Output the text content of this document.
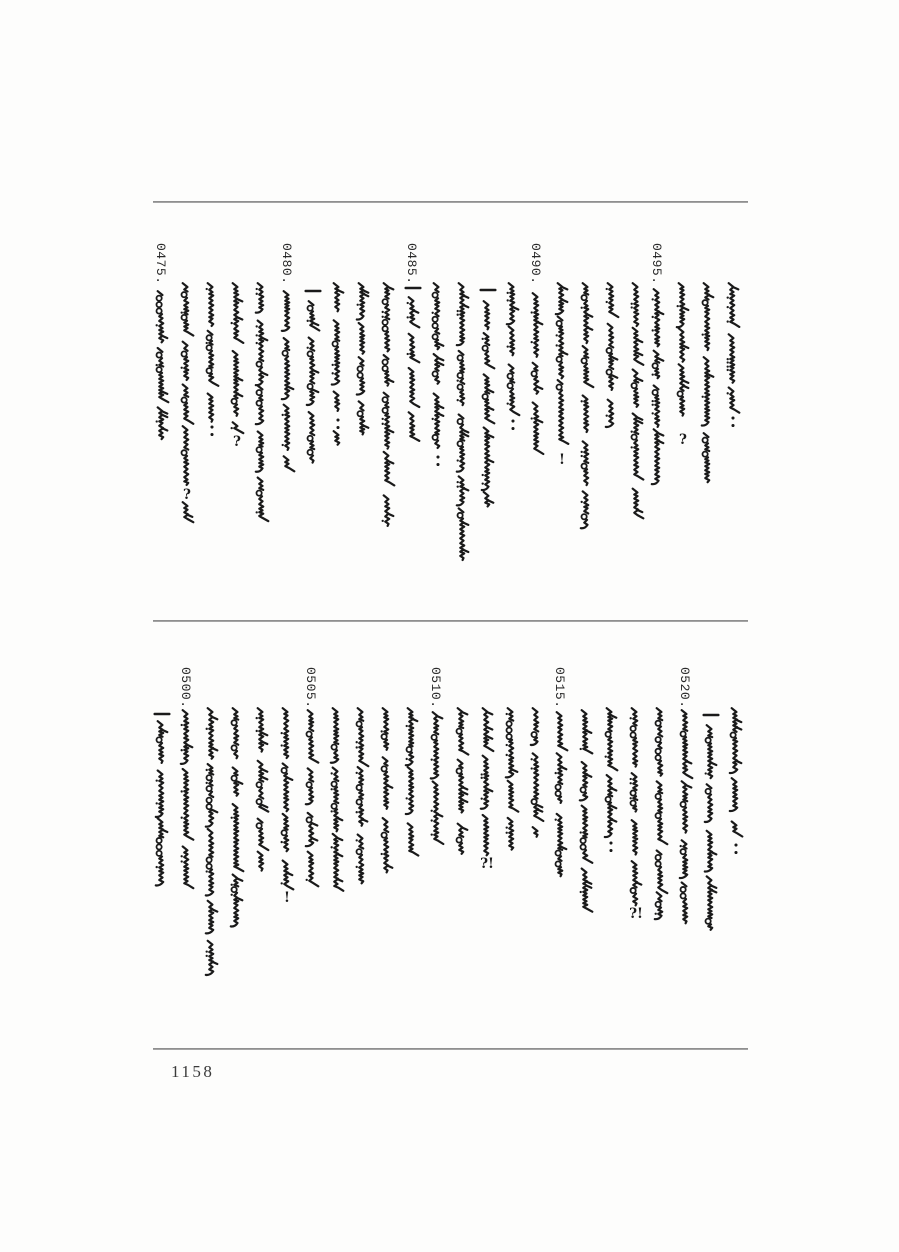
0475.
?
?
0480.	0485.	0490.
!
0495.
?
0500.
!
0505.	0510.
?!
0515.
?!
0520.
1158
